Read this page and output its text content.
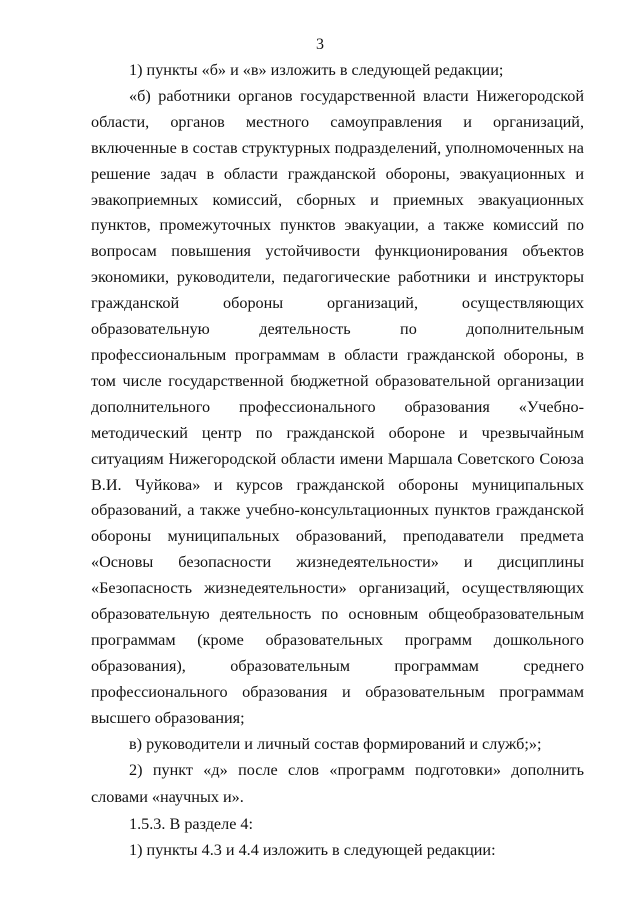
3

1) пункты «б» и «в» изложить в следующей редакции;

«б) работники органов государственной власти Нижегородской области, органов местного самоуправления и организаций, включенные в состав структурных подразделений, уполномоченных на решение задач в области гражданской обороны, эвакуационных и эвакоприемных комиссий, сборных и приемных эвакуационных пунктов, промежуточных пунктов эвакуации, а также комиссий по вопросам повышения устойчивости функционирования объектов экономики, руководители, педагогические работники и инструкторы гражданской обороны организаций, осуществляющих образовательную деятельность по дополнительным профессиональным программам в области гражданской обороны, в том числе государственной бюджетной образовательной организации дополнительного профессионального образования «Учебно-методический центр по гражданской обороне и чрезвычайным ситуациям Нижегородской области имени Маршала Советского Союза В.И. Чуйкова» и курсов гражданской обороны муниципальных образований, а также учебно-консультационных пунктов гражданской обороны муниципальных образований, преподаватели предмета «Основы безопасности жизнедеятельности» и дисциплины «Безопасность жизнедеятельности» организаций, осуществляющих образовательную деятельность по основным общеобразовательным программам (кроме образовательных программ дошкольного образования), образовательным программам среднего профессионального образования и образовательным программам высшего образования;

в) руководители и личный состав формирований и служб;»;

2) пункт «д» после слов «программ подготовки» дополнить словами «научных и».

1.5.3. В разделе 4:

1) пункты 4.3 и 4.4 изложить в следующей редакции:
